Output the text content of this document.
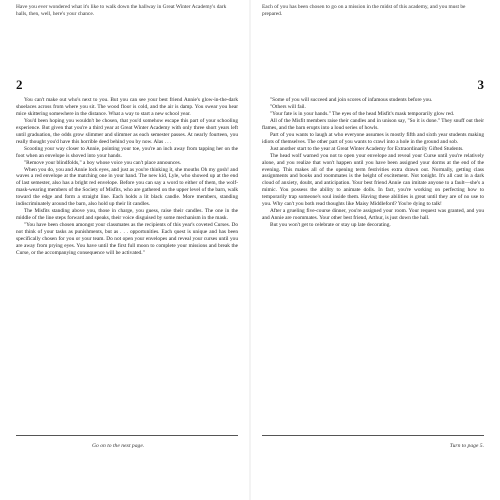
Have you ever wondered what it's like to walk down the hallway in Great Winter Academy's dark halls, then, well, here's your chance.
Each of you has been chosen to go on a mission in the midst of this academy, and you must be prepared.
2	3

You can't make out who's next to you. But you can see your best friend Annie's glow-in-the-dark shoelaces across from where you sit. The wood floor is cold, and the air is damp. You swear you hear mice skittering somewhere in the distance. What a way to start a new school year.

You'd been hoping you wouldn't be chosen, that you'd somehow escape this part of your schooling experience. But given that you're a third year at Great Winter Academy with only three short years left until graduation, the odds grow slimmer and slimmer as each semester passes. At nearly fourteen, you really thought you'd have this horrible deed behind you by now. Alas . . .

Scooting your way closer to Annie, pointing your toe, you're an inch away from tapping her on the foot when an envelope is shoved into your hands.

"Remove your blindfolds," a boy whose voice you can't place announces.

When you do, you and Annie lock eyes, and just as you're thinking it, she mouths Oh my gosh! and waves a red envelope at the matching one in your hand. The new kid, Lyle, who showed up at the end of last semester, also has a bright red envelope. Before you can say a word to either of them, the wolf-mask-wearing members of the Society of Misfits, who are gathered on the upper level of the barn, walk toward the edge and form a straight line. Each holds a lit black candle. More members, standing indiscriminately around the barn, also hold up their lit candles.

The Misfits standing above you, those in charge, you guess, raise their candles. The one in the middle of the line steps forward and speaks, their voice disguised by some mechanism in the mask.

"You have been chosen amongst your classmates as the recipients of this year's coveted Curses. Do not think of your tasks as punishments, but as . . . opportunities. Each quest is unique and has been specifically chosen for you or your team. Do not open your envelopes and reveal your curses until you are away from prying eyes. You have until the first full moon to complete your missions and break the Curse, or the accompanying consequence will be activated."

"Some of you will succeed and join scores of infamous students before you.

"Others will fail.

"Your fate is in your hands." The eyes of the head Misfit's mask temporarily glow red.

All of the Misfit members raise their candles and in unison say, "So it is done." They snuff out their flames, and the barn erupts into a loud series of howls.

Part of you wants to laugh at who everyone assumes is mostly fifth and sixth year students making idiots of themselves. The other part of you wants to crawl into a hole in the ground and sob.

Just another start to the year at Great Winter Academy for Extraordinarily Gifted Students.

The head wolf warned you not to open your envelope and reveal your Curse until you're relatively alone, and you realize that won't happen until you have been assigned your dorms at the end of the evening. This makes all of the opening term festivities extra drawn out. Normally, getting class assignments and books and roommates is the height of excitement. Not tonight. It's all cast in a dark cloud of anxiety, doubt, and anticipation. Your best friend Annie can imitate anyone to a fault—she's a mimic. You possess the ability to animate dolls. In fact, you're working on perfecting how to temporarily trap someone's soul inside them. Having these abilities is great until they are of no use to you. Why can't you both read thoughts like Maisy Middleford? You're dying to talk!

After a grueling five-course dinner, you're assigned your room. Your request was granted, and you and Annie are roommates. Your other best friend, Arthur, is just down the hall.

But you won't get to celebrate or stay up late decorating.

Go on to the next page.	Turn to page 5.
